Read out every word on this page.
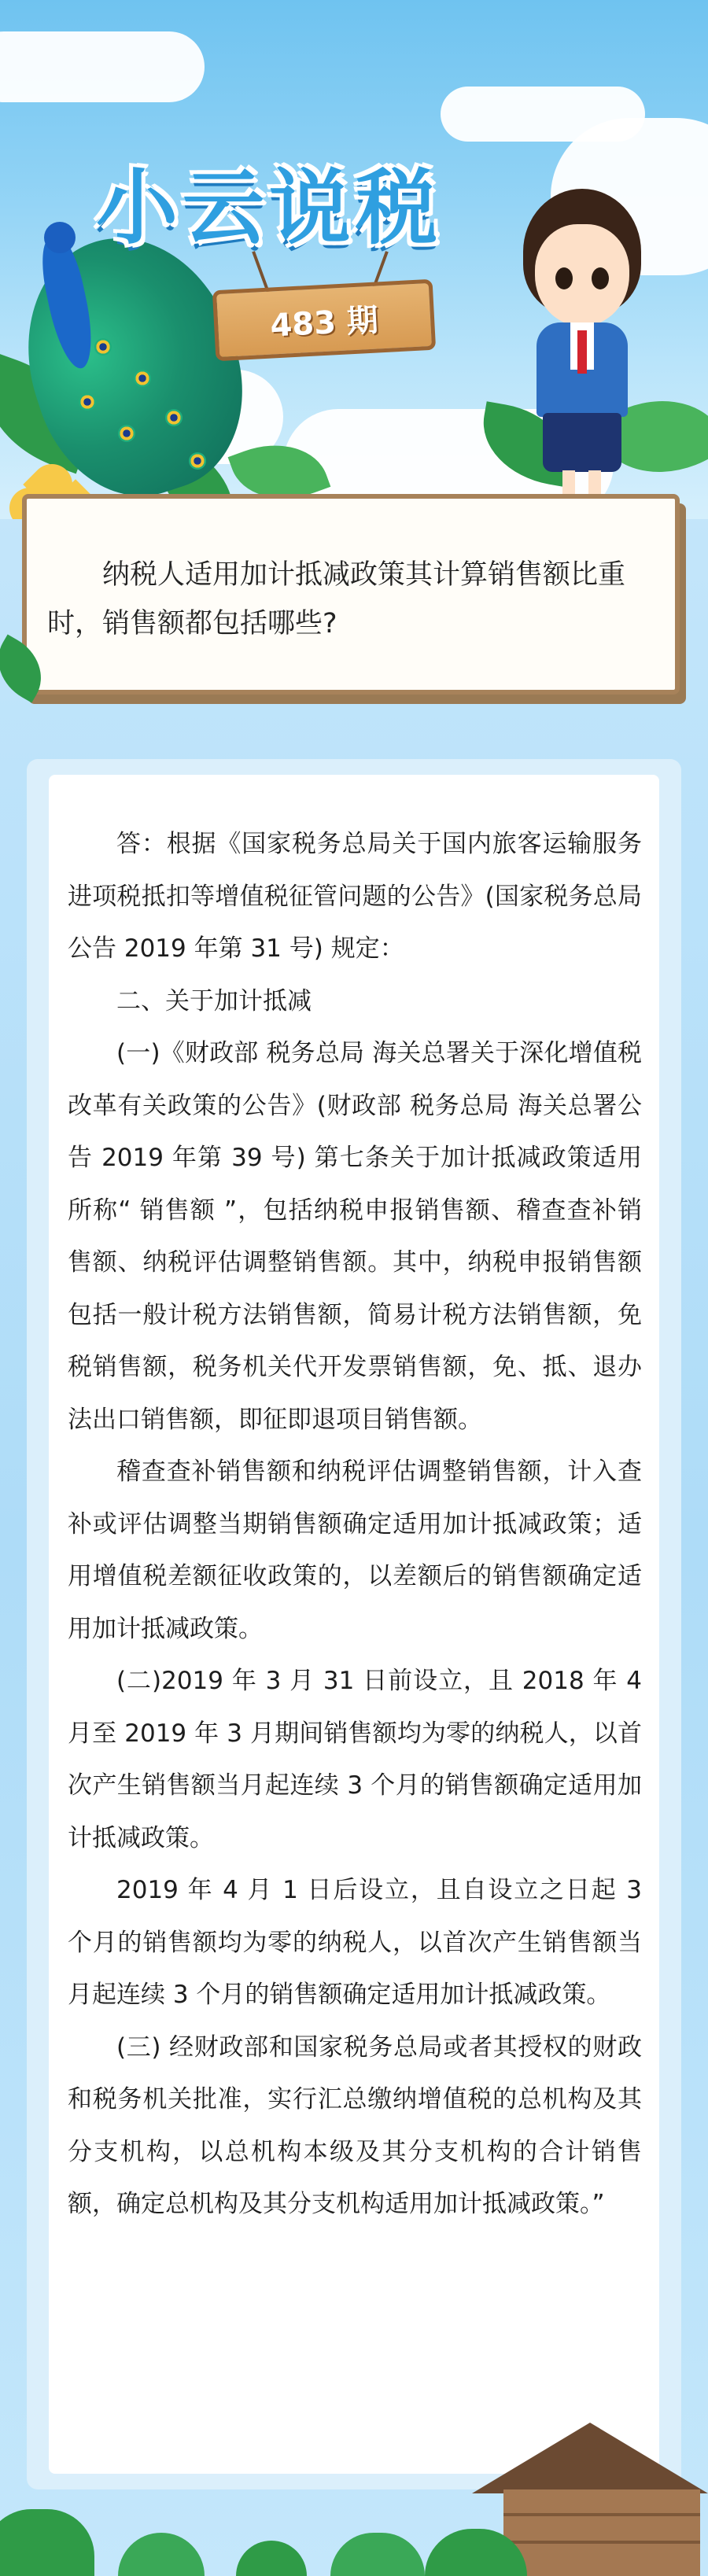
小云说税
483 期
纳税人适用加计抵减政策其计算销售额比重时，销售额都包括哪些?

答：根据《国家税务总局关于国内旅客运输服务进项税抵扣等增值税征管问题的公告》(国家税务总局公告 2019 年第 31 号) 规定：

二、关于加计抵减

(一)《财政部 税务总局 海关总署关于深化增值税改革有关政策的公告》(财政部 税务总局 海关总署公告 2019 年第 39 号) 第七条关于加计抵减政策适用所称“ 销售额 ”，包括纳税申报销售额、稽查查补销售额、纳税评估调整销售额。其中，纳税申报销售额包括一般计税方法销售额，简易计税方法销售额，免税销售额，税务机关代开发票销售额，免、抵、退办法出口销售额，即征即退项目销售额。

稽查查补销售额和纳税评估调整销售额，计入查补或评估调整当期销售额确定适用加计抵减政策；适用增值税差额征收政策的，以差额后的销售额确定适用加计抵减政策。

(二)2019 年 3 月 31 日前设立，且 2018 年 4 月至 2019 年 3 月期间销售额均为零的纳税人，以首次产生销售额当月起连续 3 个月的销售额确定适用加计抵减政策。

2019 年 4 月 1 日后设立，且自设立之日起 3 个月的销售额均为零的纳税人，以首次产生销售额当月起连续 3 个月的销售额确定适用加计抵减政策。

(三) 经财政部和国家税务总局或者其授权的财政和税务机关批准，实行汇总缴纳增值税的总机构及其分支机构，以总机构本级及其分支机构的合计销售额，确定总机构及其分支机构适用加计抵减政策。”
